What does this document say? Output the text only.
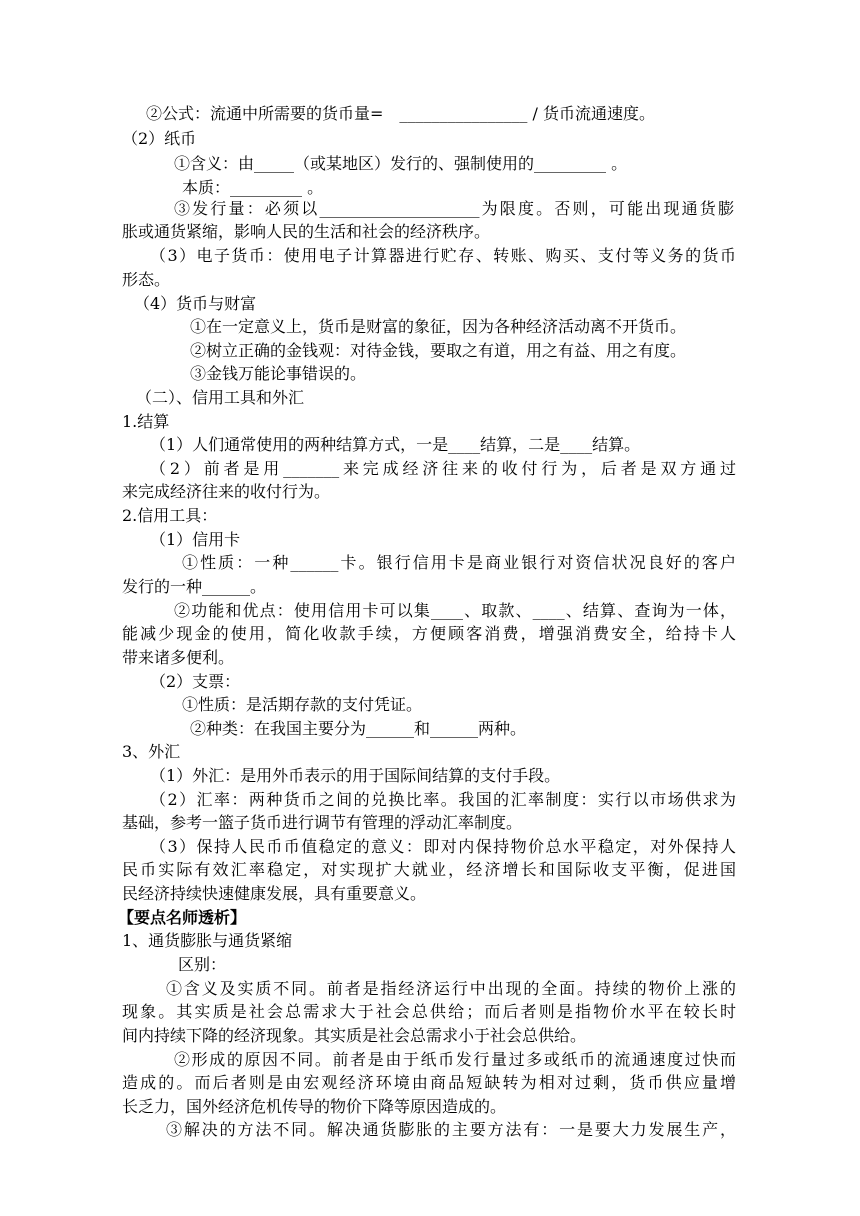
②公式：流通中所需要的货币量=　________________ / 货币流通速度。
（2）纸币
①含义：由_____（或某地区）发行的、强制使用的_________ 。
本质：_________ 。
③发行量：必须以____________________为限度。否则，可能出现通货膨
胀或通货紧缩，影响人民的生活和社会的经济秩序。
（3）电子货币：使用电子计算器进行贮存、转账、购买、支付等义务的货币
形态。
（4）货币与财富
①在一定意义上，货币是财富的象征，因为各种经济活动离不开货币。
②树立正确的金钱观：对待金钱，要取之有道，用之有益、用之有度。
③金钱万能论事错误的。
（二）、信用工具和外汇
1.结算
（1）人们通常使用的两种结算方式，一是____结算，二是____结算。
（2）前者是用_______来完成经济往来的收付行为，后者是双方通过
来完成经济往来的收付行为。
2.信用工具：
（1）信用卡
①性质：一种______卡。银行信用卡是商业银行对资信状况良好的客户
发行的一种______。
②功能和优点：使用信用卡可以集____、取款、____、结算、查询为一体，
能减少现金的使用，简化收款手续，方便顾客消费，增强消费安全，给持卡人
带来诸多便利。
（2）支票：
①性质：是活期存款的支付凭证。
②种类：在我国主要分为______和______两种。
3、外汇
（1）外汇：是用外币表示的用于国际间结算的支付手段。
（2）汇率：两种货币之间的兑换比率。我国的汇率制度：实行以市场供求为
基础，参考一篮子货币进行调节有管理的浮动汇率制度。
（3）保持人民币币值稳定的意义：即对内保持物价总水平稳定，对外保持人
民币实际有效汇率稳定，对实现扩大就业，经济增长和国际收支平衡，促进国
民经济持续快速健康发展，具有重要意义。
【要点名师透析】
1、通货膨胀与通货紧缩
区别：
①含义及实质不同。前者是指经济运行中出现的全面。持续的物价上涨的
现象。其实质是社会总需求大于社会总供给；而后者则是指物价水平在较长时
间内持续下降的经济现象。其实质是社会总需求小于社会总供给。
②形成的原因不同。前者是由于纸币发行量过多或纸币的流通速度过快而
造成的。而后者则是由宏观经济环境由商品短缺转为相对过剩，货币供应量增
长乏力，国外经济危机传导的物价下降等原因造成的。
③解决的方法不同。解决通货膨胀的主要方法有：一是要大力发展生产，
